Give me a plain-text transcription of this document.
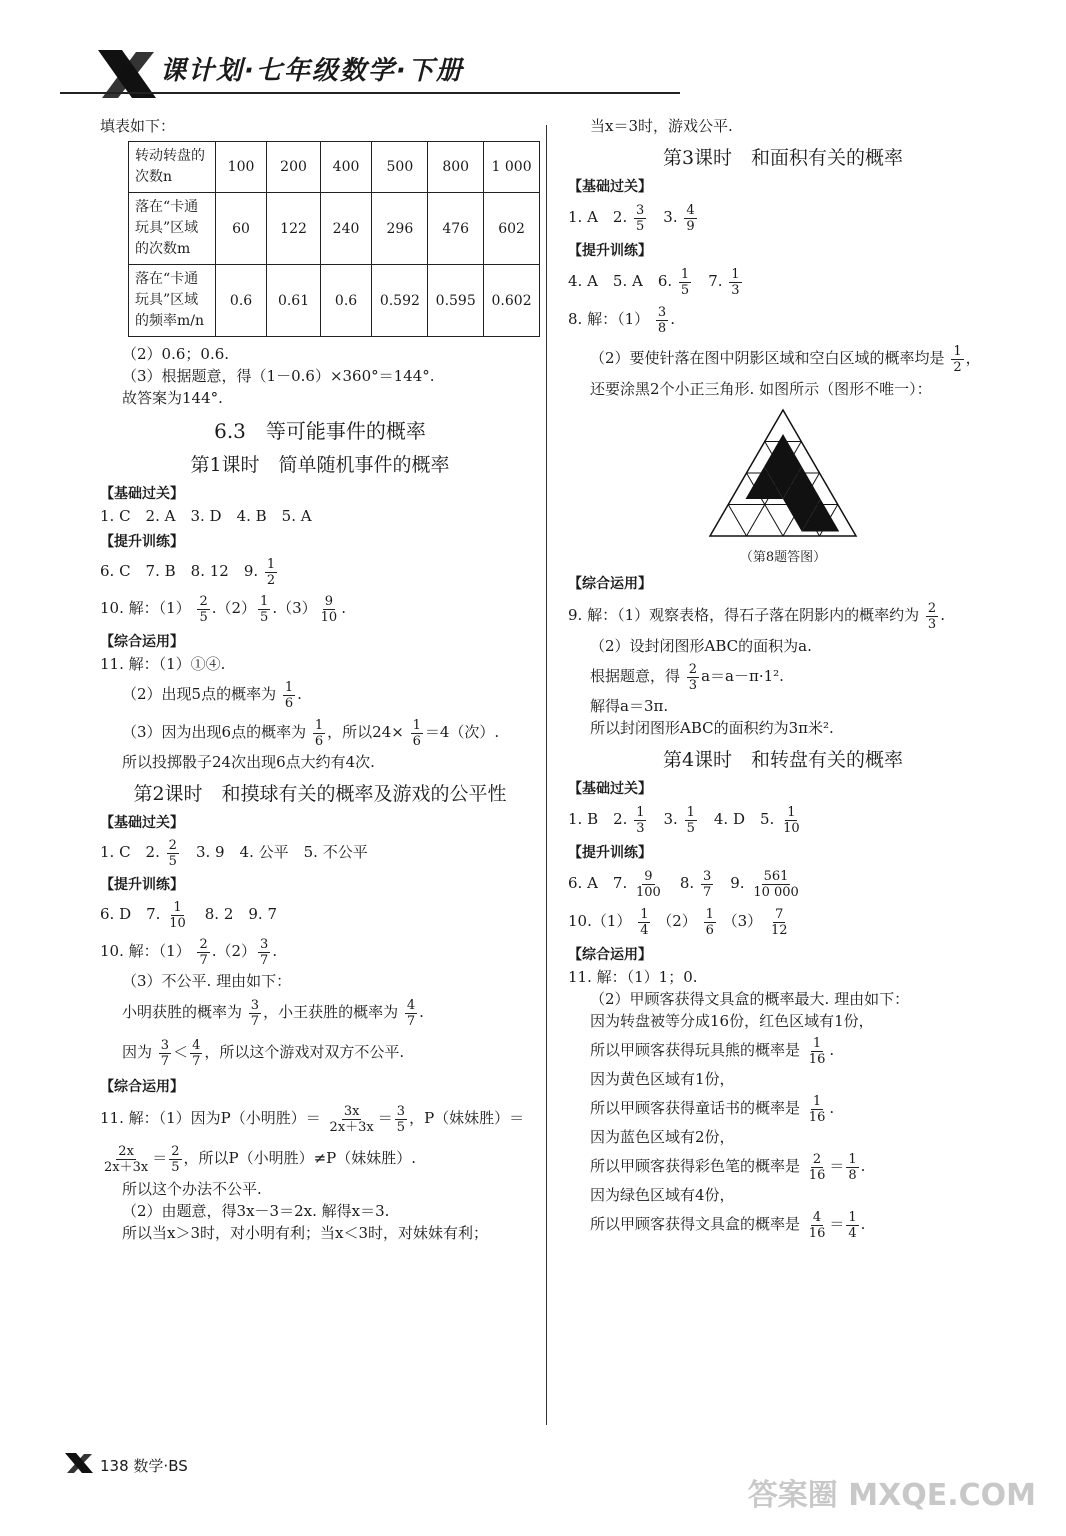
课计划·七年级数学·下册
填表如下：
转动转盘的次数n	100	200	400	500	800	1 000
落在“卡通玩具”区域的次数m	60	122	240	296	476	602
落在“卡通玩具”区域的频率m/n	0.6	0.61	0.6	0.592	0.595	0.602
（2）0.6；0.6.
（3）根据题意，得（1－0.6）×360°＝144°.
故答案为144°.
6.3　等可能事件的概率
第1课时　简单随机事件的概率
【基础过关】
1. C　2. A　3. D　4. B　5. A
【提升训练】
6. C　7. B　8. 12　9. $\frac{1}{2}$
10. 解：$(1) \frac{2}{5} .(2) \frac{1}{5} .(3) \frac{9}{10}$ .
【综合运用】
11. 解：（1）①④.
（2）出现5点的概率为 $\frac{1}{6}$ .
（3）因为出现6点的概率为 $\frac{1}{6}$ ，所以$24\times \frac{1}{6} =4$（次）.
所以投掷骰子24次出现6点大约有4次.
第2课时　和摸球有关的概率及游戏的公平性
【基础过关】
1. C　2. $\frac{2}{5}$ 　3. 9　4. 公平　5. 不公平
【提升训练】
6. D　7. $\frac{1}{10}$ 　8. 2　9. 7
10. 解：$(1) \frac{2}{7} .(2) \frac{3}{7}$ .
（3）不公平. 理由如下：
小明获胜的概率为 $\frac{3}{7}$ ，小王获胜的概率为 $\frac{4}{7}$ .
因为 $\frac{3}{7} < \frac{4}{7}$ ，所以这个游戏对双方不公平.
【综合运用】
11. 解：（1）因为P（小明胜）＝ $\frac{3x}{2x+3x} = \frac{3}{5}$ ，P（妹妹胜）＝
$\frac{2x}{2x+3x} = \frac{2}{5}$ ，所以P（小明胜）≠P（妹妹胜）.
所以这个办法不公平.
（2）由题意，得3x－3＝2x. 解得x＝3.
所以当x＞3时，对小明有利；当x＜3时，对妹妹有利；
当x＝3时，游戏公平.
第3课时　和面积有关的概率
【基础过关】
1. A　2. $\frac{3}{5}$ 　3. $\frac{4}{9}$
【提升训练】
4. A　5. A　6. $\frac{1}{5}$ 　7. $\frac{1}{3}$
8. 解：$(1) \frac{3}{8}$ .
（2）要使针落在图中阴影区域和空白区域的概率均是 $\frac{1}{2}$ ，
还要涂黑2个小正三角形. 如图所示（图形不唯一）：
（第8题答图）
【综合运用】
9. 解：（1）观察表格，得石子落在阴影内的概率约为 $\frac{2}{3}$ .
（2）设封闭图形ABC的面积为a.
根据题意，得 $\frac{2}{3} a=a-\pi\cdot 1^2$.
解得a＝3π.
所以封闭图形ABC的面积约为3π米².
第4课时　和转盘有关的概率
【基础过关】
1. B　2. $\frac{1}{3}$ 　3. $\frac{1}{5}$ 　4. D　5. $\frac{1}{10}$
【提升训练】
6. A　7. $\frac{9}{100}$ 　8. $\frac{3}{7}$ 　9. $\frac{561}{10 000}$
$10.(1) \frac{1}{4} (2) \frac{1}{6} (3) \frac{7}{12}$
【综合运用】
11. 解：（1）1；0.
（2）甲顾客获得文具盒的概率最大. 理由如下：
因为转盘被等分成16份，红色区域有1份，
所以甲顾客获得玩具熊的概率是 $\frac{1}{16}$ .
因为黄色区域有1份，
所以甲顾客获得童话书的概率是 $\frac{1}{16}$ .
因为蓝色区域有2份，
所以甲顾客获得彩色笔的概率是 $\frac{2}{16} = \frac{1}{8}$ .
因为绿色区域有4份，
所以甲顾客获得文具盒的概率是 $\frac{4}{16} = \frac{1}{4}$ .
138 数学·BS
答案圈 MXQE.COM
